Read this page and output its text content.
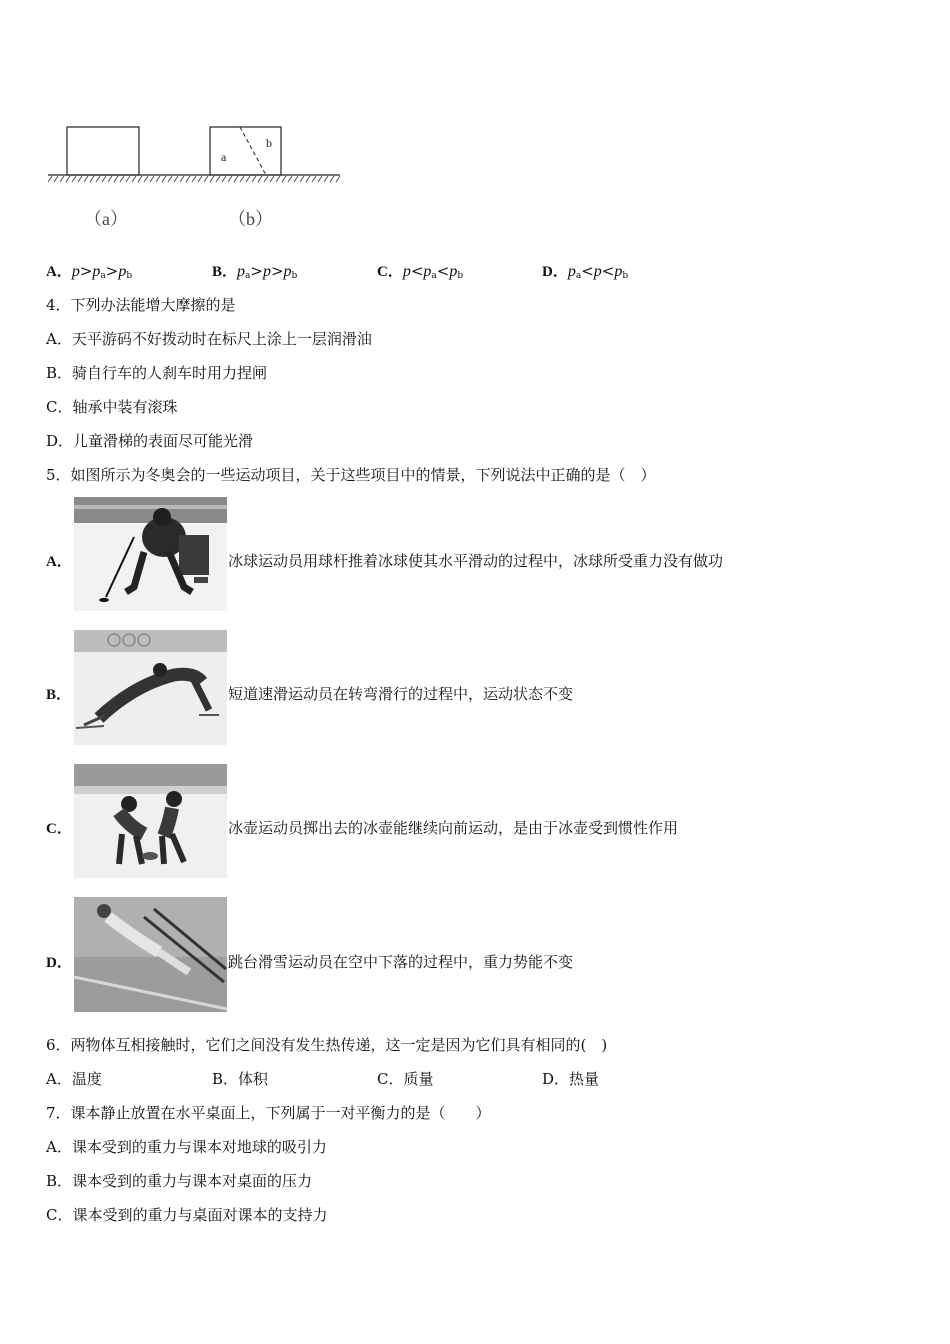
a
b
（a）	（b）
A．$p>p_a>p_b$	B．$p_a>p>p_b$	C．$p<p_a<p_b$	D．$p_a<p<p_b$
4．下列办法能增大摩擦的是
A．天平游码不好拨动时在标尺上涂上一层润滑油
B．骑自行车的人刹车时用力捏闸
C．轴承中装有滚珠
D．儿童滑梯的表面尽可能光滑
5．如图所示为冬奥会的一些运动项目，关于这些项目中的情景，下列说法中正确的是（　）
A．	冰球运动员用球杆推着冰球使其水平滑动的过程中，冰球所受重力没有做功
B．	短道速滑运动员在转弯滑行的过程中，运动状态不变
C．	冰壶运动员掷出去的冰壶能继续向前运动，是由于冰壶受到惯性作用
D．	跳台滑雪运动员在空中下落的过程中，重力势能不变
6．两物体互相接触时，它们之间没有发生热传递，这一定是因为它们具有相同的(　)
A．温度	B．体积	C．质量	D．热量
7．课本静止放置在水平桌面上，下列属于一对平衡力的是（　　）
A．课本受到的重力与课本对地球的吸引力
B．课本受到的重力与课本对桌面的压力
C．课本受到的重力与桌面对课本的支持力
